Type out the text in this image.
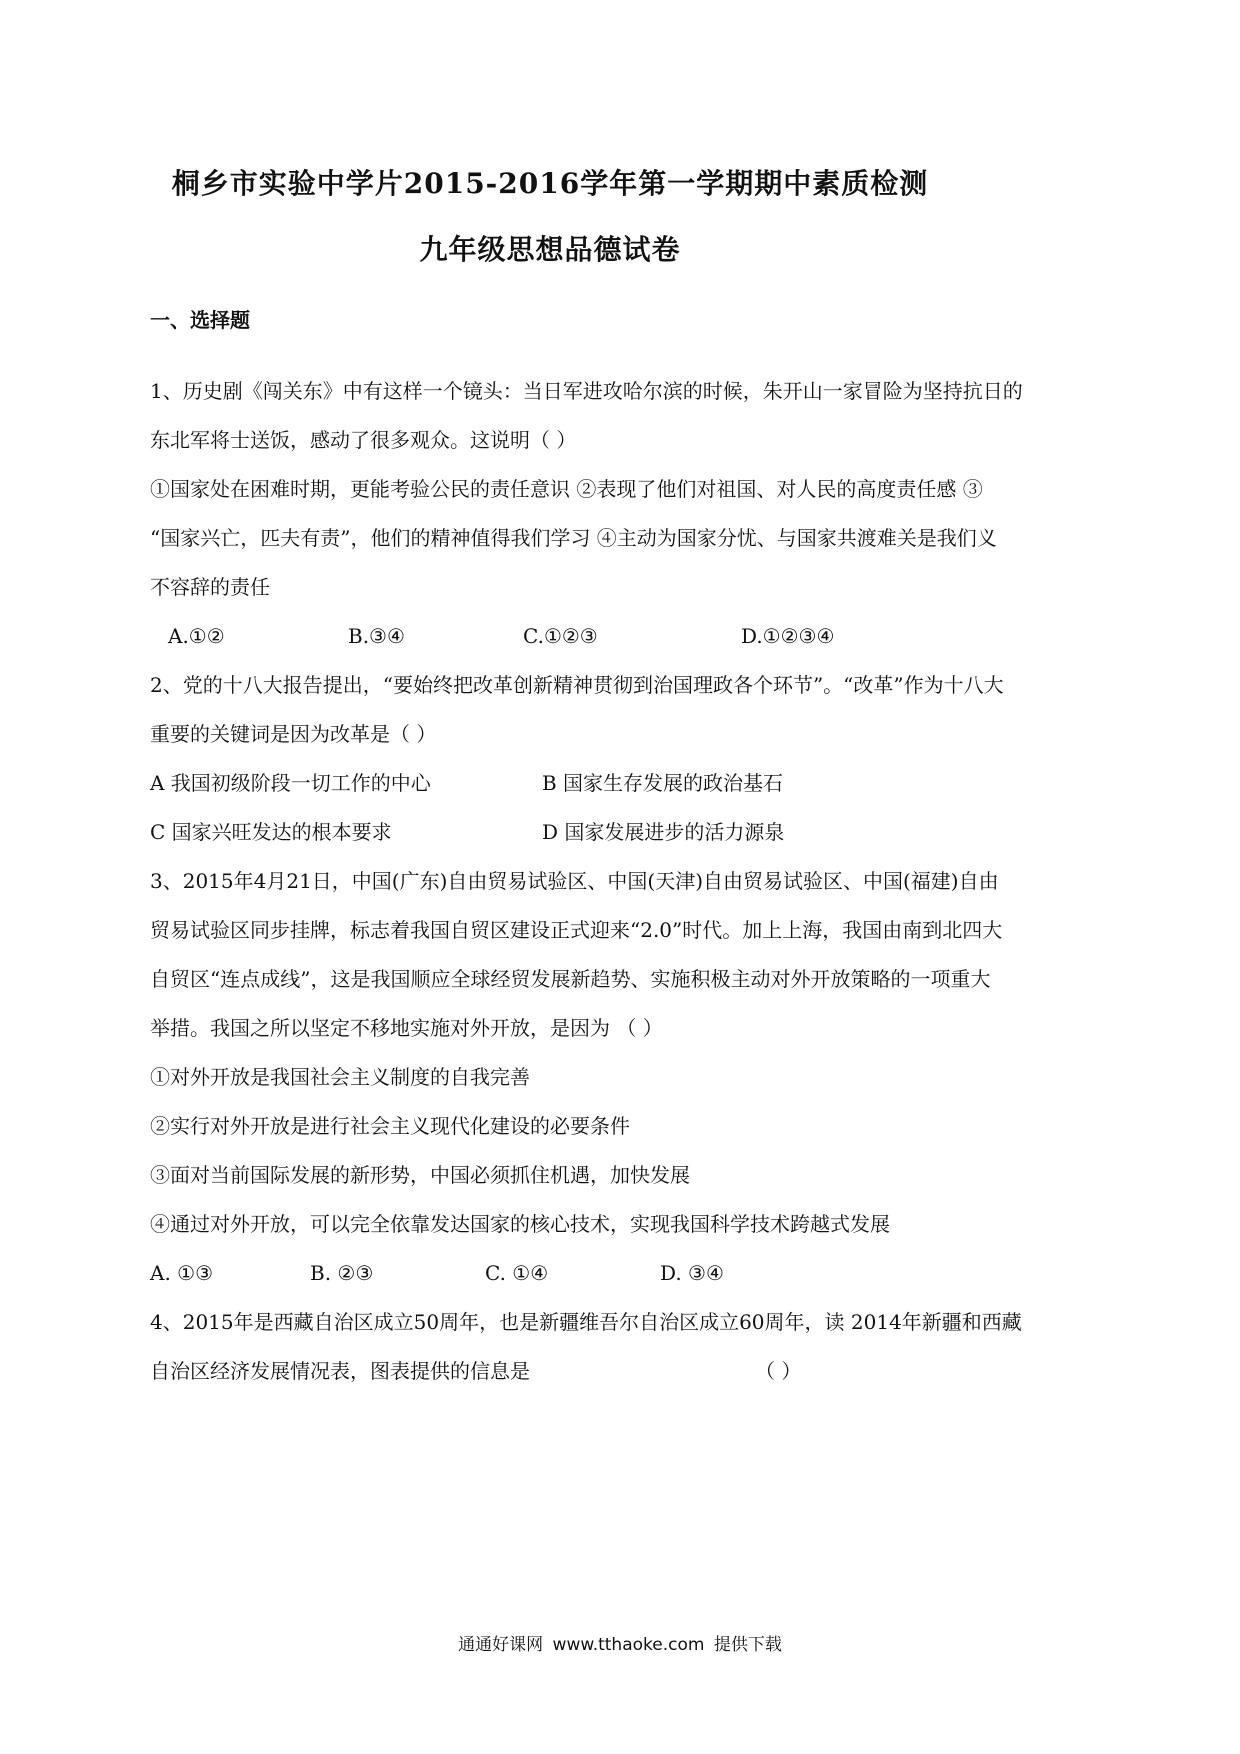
桐乡市实验中学片2015-2016学年第一学期期中素质检测
九年级思想品德试卷
一、选择题
1、历史剧《闯关东》中有这样一个镜头：当日军进攻哈尔滨的时候，朱开山一家冒险为坚持抗日的
东北军将士送饭，感动了很多观众。这说明（ ）
①国家处在困难时期，更能考验公民的责任意识 ②表现了他们对祖国、对人民的高度责任感 ③
“国家兴亡，匹夫有责”，他们的精神值得我们学习 ④主动为国家分忧、与国家共渡难关是我们义
不容辞的责任
A.①②	B.③④	C.①②③	D.①②③④
2、党的十八大报告提出，“要始终把改革创新精神贯彻到治国理政各个环节”。“改革”作为十八大
重要的关键词是因为改革是（ ）
A 我国初级阶段一切工作的中心	B 国家生存发展的政治基石
C 国家兴旺发达的根本要求	D 国家发展进步的活力源泉
3、2015年4月21日，中国(广东)自由贸易试验区、中国(天津)自由贸易试验区、中国(福建)自由
贸易试验区同步挂牌，标志着我国自贸区建设正式迎来“2.0”时代。加上上海，我国由南到北四大
自贸区“连点成线”，这是我国顺应全球经贸发展新趋势、实施积极主动对外开放策略的一项重大
举措。我国之所以坚定不移地实施对外开放，是因为 （ ）
①对外开放是我国社会主义制度的自我完善
②实行对外开放是进行社会主义现代化建设的必要条件
③面对当前国际发展的新形势，中国必须抓住机遇，加快发展
④通过对外开放，可以完全依靠发达国家的核心技术，实现我国科学技术跨越式发展
A. ①③	B. ②③	C. ①④	D. ③④
4、2015年是西藏自治区成立50周年，也是新疆维吾尔自治区成立60周年，读 2014年新疆和西藏
自治区经济发展情况表，图表提供的信息是	（ ）
通通好课网 www.tthaoke.com 提供下载
